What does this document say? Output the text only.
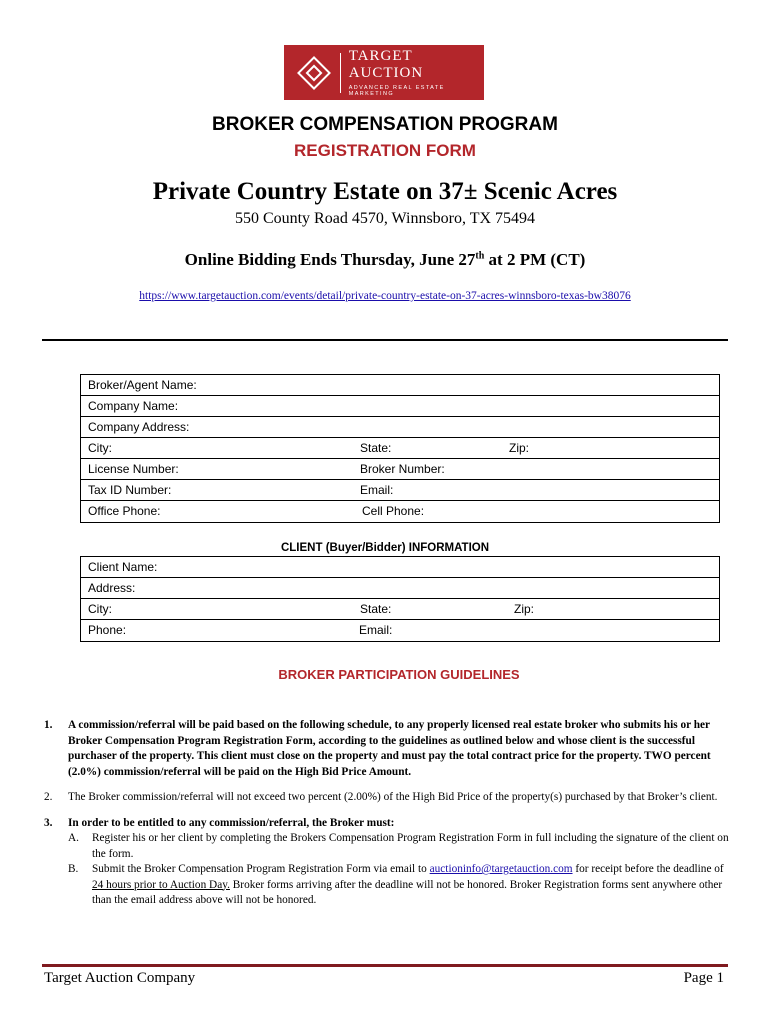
TARGET AUCTION
ADVANCED REAL ESTATE MARKETING
BROKER COMPENSATION PROGRAM
REGISTRATION FORM
Private Country Estate on 37± Scenic Acres
550 County Road 4570, Winnsboro, TX 75494
Online Bidding Ends Thursday, June 27th at 2 PM (CT)
https://www.targetauction.com/events/detail/private-country-estate-on-37-acres-winnsboro-texas-bw38076
Broker/Agent Name:
Company Name:
Company Address:
City:	State:	Zip:
License Number:	Broker Number:
Tax ID Number:	Email:
Office Phone:	Cell Phone:
CLIENT (Buyer/Bidder) INFORMATION
Client Name:
Address:
City:	State:	Zip:
Phone:	Email:
BROKER PARTICIPATION GUIDELINES
1. A commission/referral will be paid based on the following schedule, to any properly licensed real estate broker who submits his or her Broker Compensation Program Registration Form, according to the guidelines as outlined below and whose client is the successful purchaser of the property. This client must close on the property and must pay the total contract price for the property. TWO percent (2.0%) commission/referral will be paid on the High Bid Price Amount.
2. The Broker commission/referral will not exceed two percent (2.00%) of the High Bid Price of the property(s) purchased by that Broker’s client.
3. In order to be entitled to any commission/referral, the Broker must:
A. Register his or her client by completing the Brokers Compensation Program Registration Form in full including the signature of the client on the form.
B. Submit the Broker Compensation Program Registration Form via email to auctioninfo@targetauction.com for receipt before the deadline of 24 hours prior to Auction Day. Broker forms arriving after the deadline will not be honored. Broker Registration forms sent anywhere other than the email address above will not be honored.
Target Auction Company	Page 1
